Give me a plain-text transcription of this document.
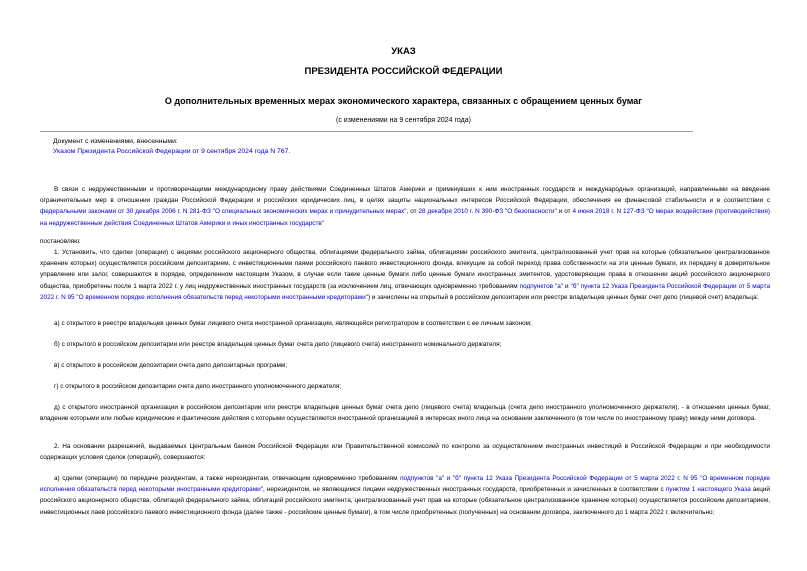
УКАЗ
ПРЕЗИДЕНТА РОССИЙСКОЙ ФЕДЕРАЦИИ
О дополнительных временных мерах экономического характера, связанных с обращением ценных бумаг
(с изменениями на 9 сентября 2024 года)
Документ с изменениями, внесенными:
Указом Президента Российской Федерации от 9 сентября 2024 года N 767.
В связи с недружественными и противоречащими международному праву действиями Соединенных Штатов Америки и примкнувших к ним иностранных государств и международных организаций, направленными на введение ограничительных мер в отношении граждан Российской Федерации и российских юридических лиц, в целях защиты национальных интересов Российской Федерации, обеспечения ее финансовой стабильности и в соответствии с федеральными законами от 30 декабря 2006 г. N 281-ФЗ "О специальных экономических мерах и принудительных мерах", от 28 декабря 2010 г. N 390-ФЗ "О безопасности" и от 4 июня 2018 г. N 127-ФЗ "О мерах воздействия (противодействия) на недружественные действия Соединенных Штатов Америки и иных иностранных государств"
постановляю:
1. Установить, что сделки (операции) с акциями российского акционерного общества, облигациями федерального займа, облигациями российского эмитента, централизованный учет прав на которые (обязательное централизованное хранение которых) осуществляется российским депозитарием, с инвестиционными паями российского паевого инвестиционного фонда, влекущие за собой переход права собственности на эти ценные бумаги, их передачу в доверительное управление или залог, совершаются в порядке, определенном настоящим Указом, в случае если такие ценные бумаги либо ценные бумаги иностранных эмитентов, удостоверяющие права в отношении акций российского акционерного общества, приобретены после 1 марта 2022 г. у лиц недружественных иностранных государств (за исключением лиц, отвечающих одновременно требованиям подпунктов "а" и "б" пункта 12 Указа Президента Российской Федерации от 5 марта 2022 г. N 95 "О временном порядке исполнения обязательств перед некоторыми иностранными кредиторами") и зачислены на открытый в российском депозитарии или реестре владельцев ценных бумаг счет депо (лицевой счет) владельца:
а) с открытого в реестре владельцев ценных бумаг лицевого счета иностранной организации, являющейся регистратором в соответствии с ее личным законом;
б) с открытого в российском депозитарии или реестре владельцев ценных бумаг счета депо (лицевого счета) иностранного номинального держателя;
в) с открытого в российском депозитарии счета депо депозитарных программ;
г) с открытого в российском депозитарии счета депо иностранного уполномоченного держателя;
д) с открытого иностранной организации в российском депозитарии или реестре владельцев ценных бумаг счета депо (лицевого счета) владельца (счета депо иностранного уполномоченного держателя), - в отношении ценных бумаг, владение которыми или любые юридические и фактические действия с которыми осуществляются иностранной организацией в интересах иного лица на основании заключенного (в том числе по иностранному праву) между ними договора.
2. На основании разрешений, выдаваемых Центральным банком Российской Федерации или Правительственной комиссией по контролю за осуществлением иностранных инвестиций в Российской Федерации и при необходимости содержащих условия сделок (операций), совершаются:
а) сделки (операции) по передаче резидентам, а также нерезидентам, отвечающим одновременно требованиям подпунктов "а" и "б" пункта 12 Указа Президента Российской Федерации от 5 марта 2022 г. N 95 "О временном порядке исполнения обязательств перед некоторыми иностранными кредиторами", нерезидентом, не являющимся лицами недружественных иностранных государств, приобретенных и зачисленных в соответствии с пунктом 1 настоящего Указа акций российского акционерного общества, облигаций федерального займа, облигаций российского эмитента, централизованный учет прав на которые (обязательное централизованное хранение которых) осуществляется российским депозитарием, инвестиционных паев российского паевого инвестиционного фонда (далее также - российские ценные бумаги), в том числе приобретенных (полученных) на основании договора, заключенного до 1 марта 2022 г. включительно;
